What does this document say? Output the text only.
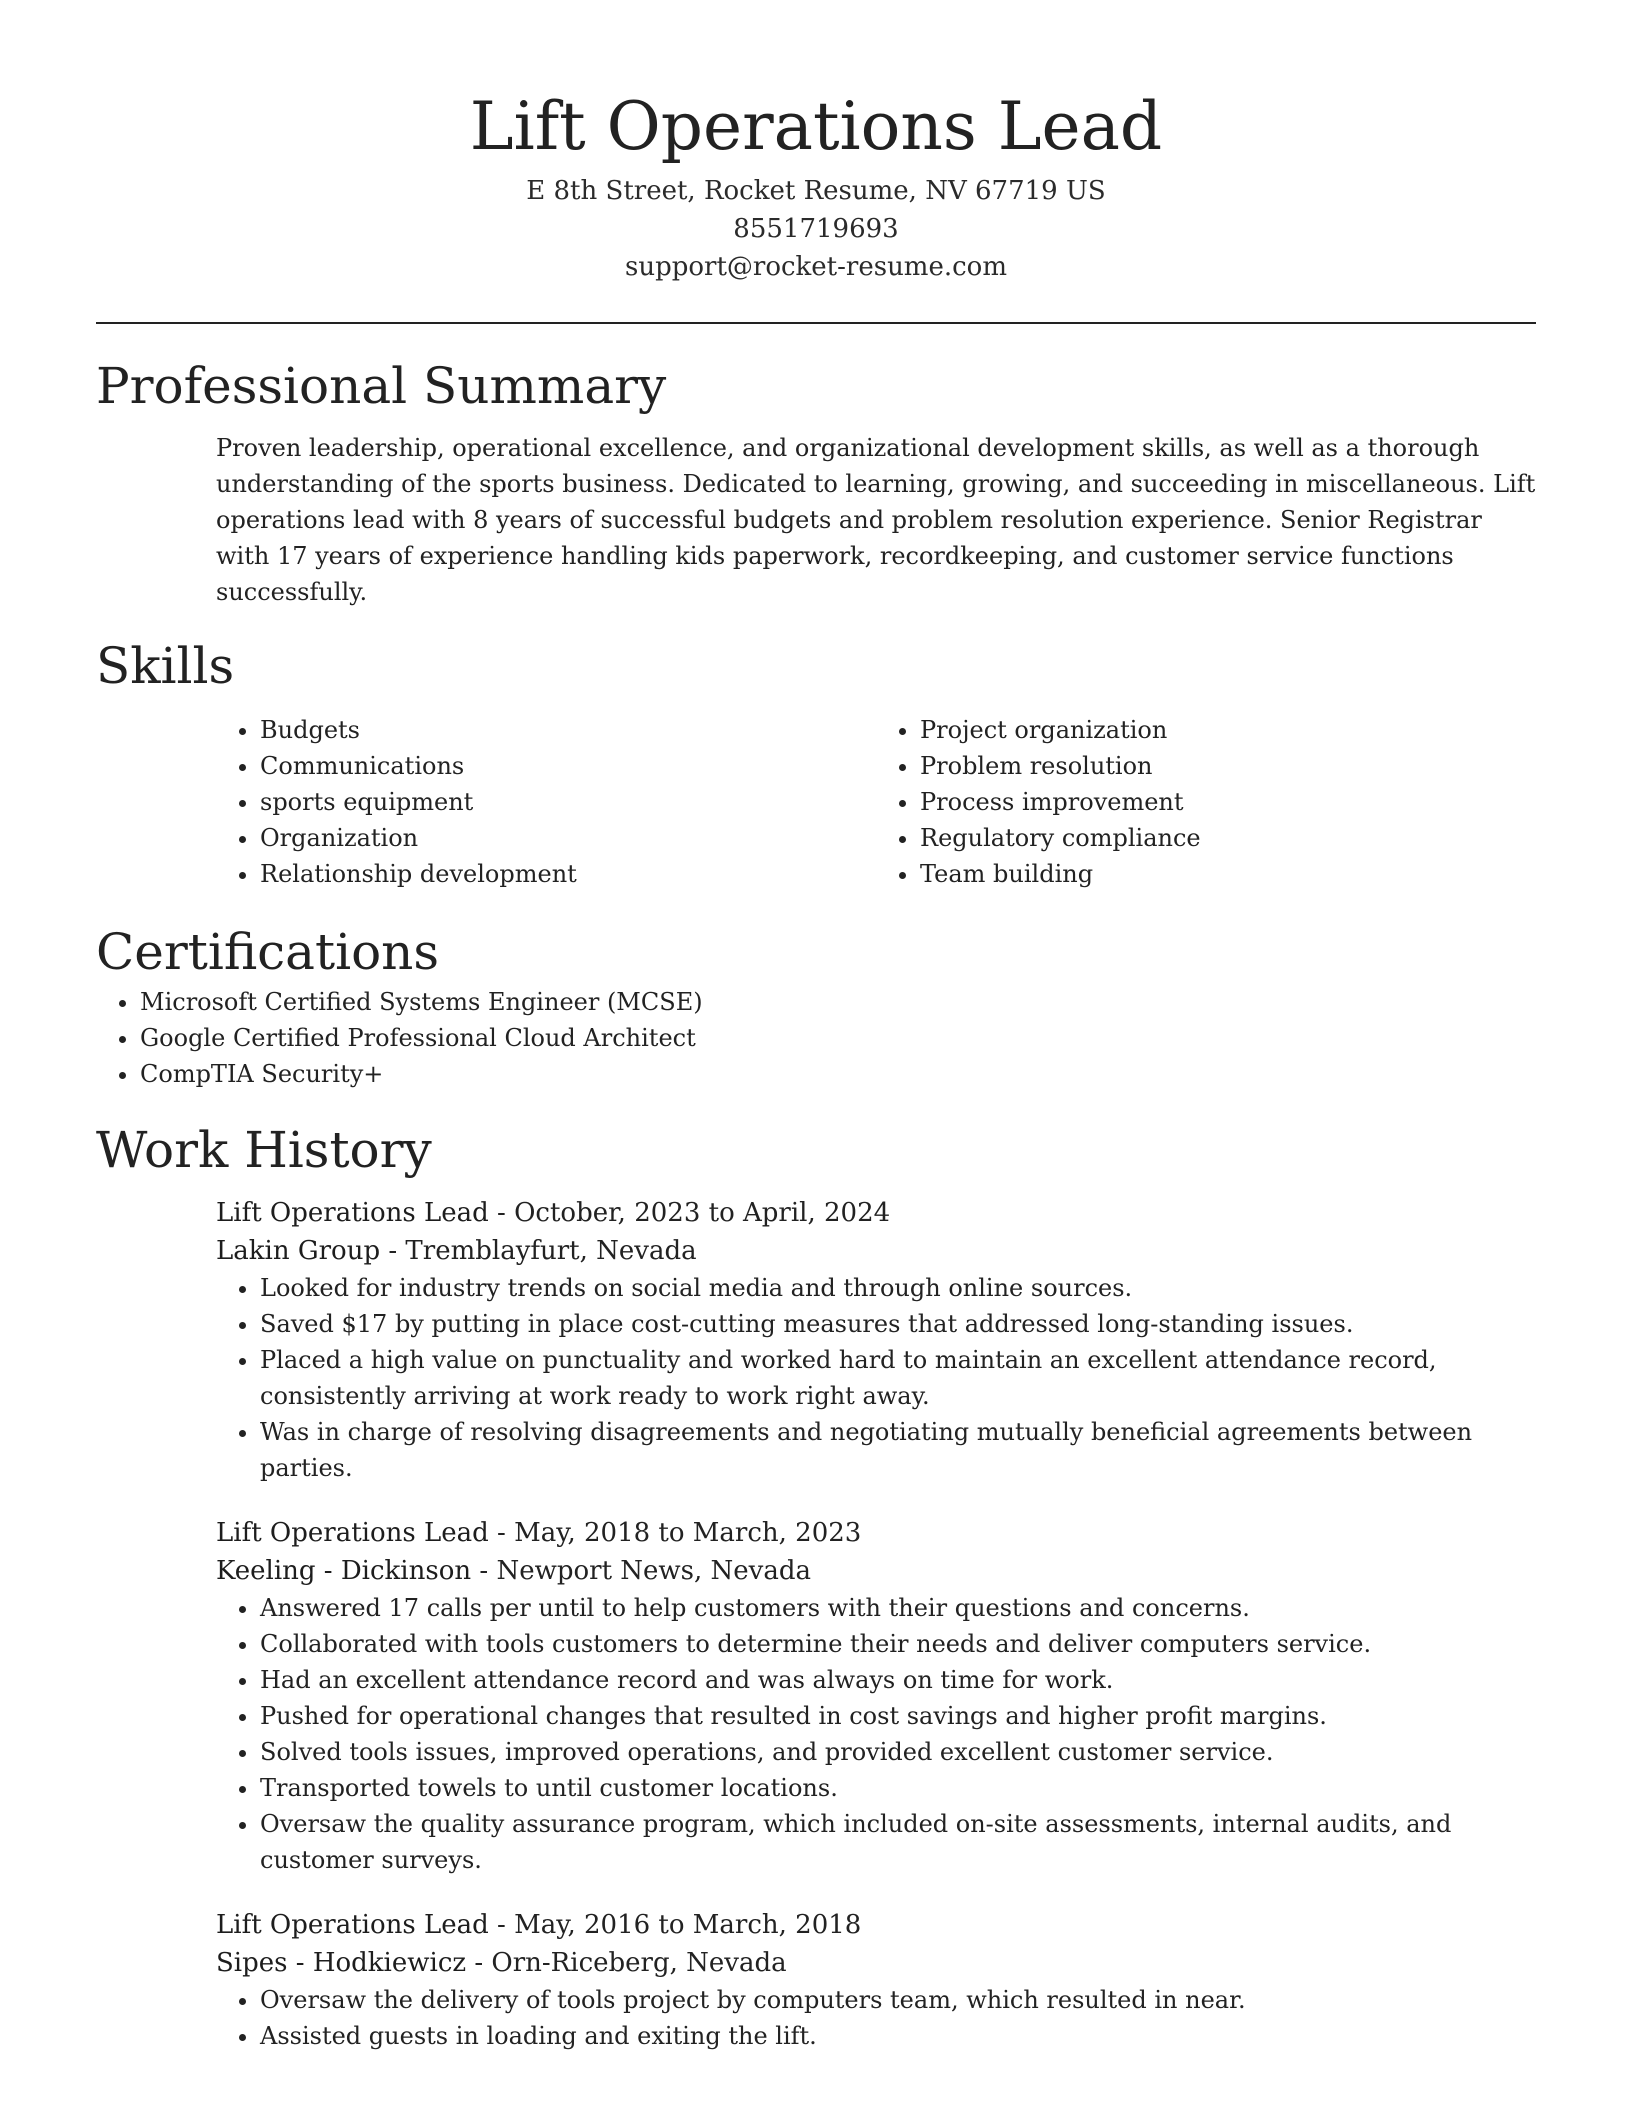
Lift Operations Lead
E 8th Street, Rocket Resume, NV 67719 US
8551719693
support@rocket-resume.com
Professional Summary

Proven leadership, operational excellence, and organizational development skills, as well as a thorough understanding of the sports business. Dedicated to learning, growing, and succeeding in miscellaneous. Lift operations lead with 8 years of successful budgets and problem resolution experience. Senior Registrar with 17 years of experience handling kids paperwork, recordkeeping, and customer service functions successfully.

Skills
• Budgets
• Communications
• sports equipment
• Organization
• Relationship development
• Project organization
• Problem resolution
• Process improvement
• Regulatory compliance
• Team building
Certifications
• Microsoft Certified Systems Engineer (MCSE)
• Google Certified Professional Cloud Architect
• CompTIA Security+
Work History
Lift Operations Lead - October, 2023 to April, 2024
Lakin Group - Tremblayfurt, Nevada
• Looked for industry trends on social media and through online sources.
• Saved $17 by putting in place cost-cutting measures that addressed long-standing issues.
• Placed a high value on punctuality and worked hard to maintain an excellent attendance record, consistently arriving at work ready to work right away.
• Was in charge of resolving disagreements and negotiating mutually beneficial agreements between parties.
Lift Operations Lead - May, 2018 to March, 2023
Keeling - Dickinson - Newport News, Nevada
• Answered 17 calls per until to help customers with their questions and concerns.
• Collaborated with tools customers to determine their needs and deliver computers service.
• Had an excellent attendance record and was always on time for work.
• Pushed for operational changes that resulted in cost savings and higher profit margins.
• Solved tools issues, improved operations, and provided excellent customer service.
• Transported towels to until customer locations.
• Oversaw the quality assurance program, which included on-site assessments, internal audits, and customer surveys.
Lift Operations Lead - May, 2016 to March, 2018
Sipes - Hodkiewicz - Orn-Riceberg, Nevada
• Oversaw the delivery of tools project by computers team, which resulted in near.
• Assisted guests in loading and exiting the lift.
